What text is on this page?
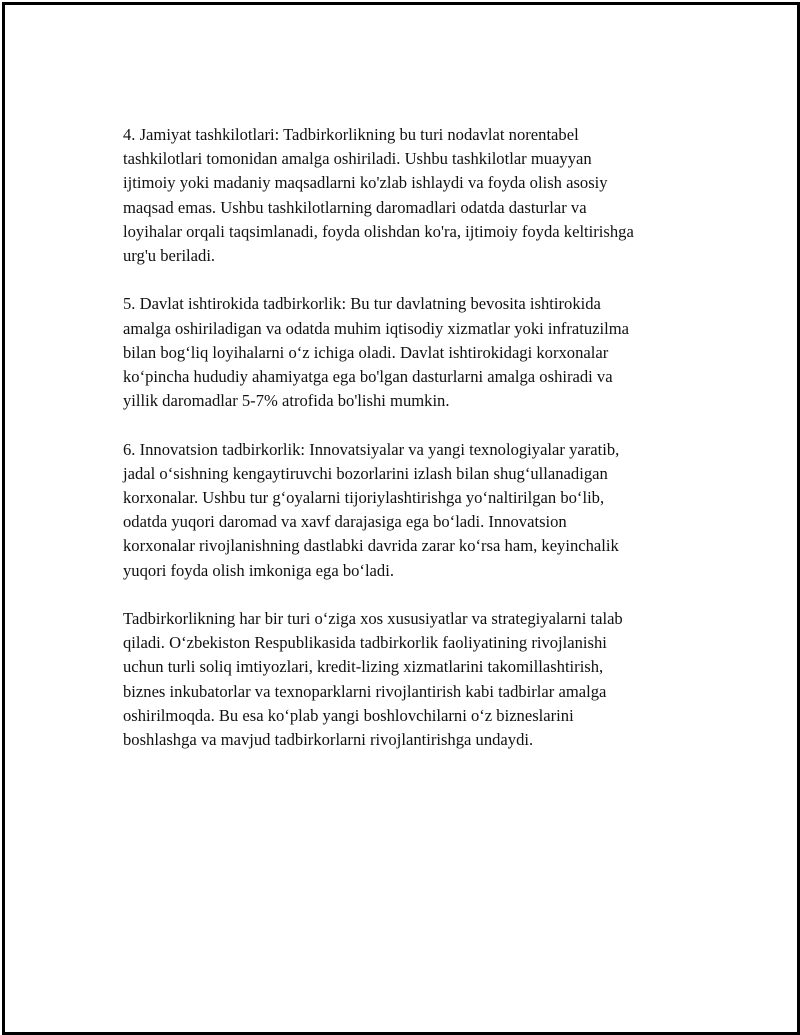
4. Jamiyat tashkilotlari: Tadbirkorlikning bu turi nodavlat norentabel
tashkilotlari tomonidan amalga oshiriladi. Ushbu tashkilotlar muayyan
ijtimoiy yoki madaniy maqsadlarni ko'zlab ishlaydi va foyda olish asosiy
maqsad emas. Ushbu tashkilotlarning daromadlari odatda dasturlar va
loyihalar orqali taqsimlanadi, foyda olishdan ko'ra, ijtimoiy foyda keltirishga
urg'u beriladi.

5. Davlat ishtirokida tadbirkorlik: Bu tur davlatning bevosita ishtirokida
amalga oshiriladigan va odatda muhim iqtisodiy xizmatlar yoki infratuzilma
bilan bogʻliq loyihalarni oʻz ichiga oladi. Davlat ishtirokidagi korxonalar
koʻpincha hududiy ahamiyatga ega bo'lgan dasturlarni amalga oshiradi va
yillik daromadlar 5-7% atrofida bo'lishi mumkin.

6. Innovatsion tadbirkorlik: Innovatsiyalar va yangi texnologiyalar yaratib,
jadal oʻsishning kengaytiruvchi bozorlarini izlash bilan shugʻullanadigan
korxonalar. Ushbu tur gʻoyalarni tijoriylashtirishga yoʻnaltirilgan boʻlib,
odatda yuqori daromad va xavf darajasiga ega boʻladi. Innovatsion
korxonalar rivojlanishning dastlabki davrida zarar koʻrsa ham, keyinchalik
yuqori foyda olish imkoniga ega boʻladi.

Tadbirkorlikning har bir turi oʻziga xos xususiyatlar va strategiyalarni talab
qiladi. Oʻzbekiston Respublikasida tadbirkorlik faoliyatining rivojlanishi
uchun turli soliq imtiyozlari, kredit-lizing xizmatlarini takomillashtirish,
biznes inkubatorlar va texnoparklarni rivojlantirish kabi tadbirlar amalga
oshirilmoqda. Bu esa koʻplab yangi boshlovchilarni oʻz bizneslarini
boshlashga va mavjud tadbirkorlarni rivojlantirishga undaydi.
